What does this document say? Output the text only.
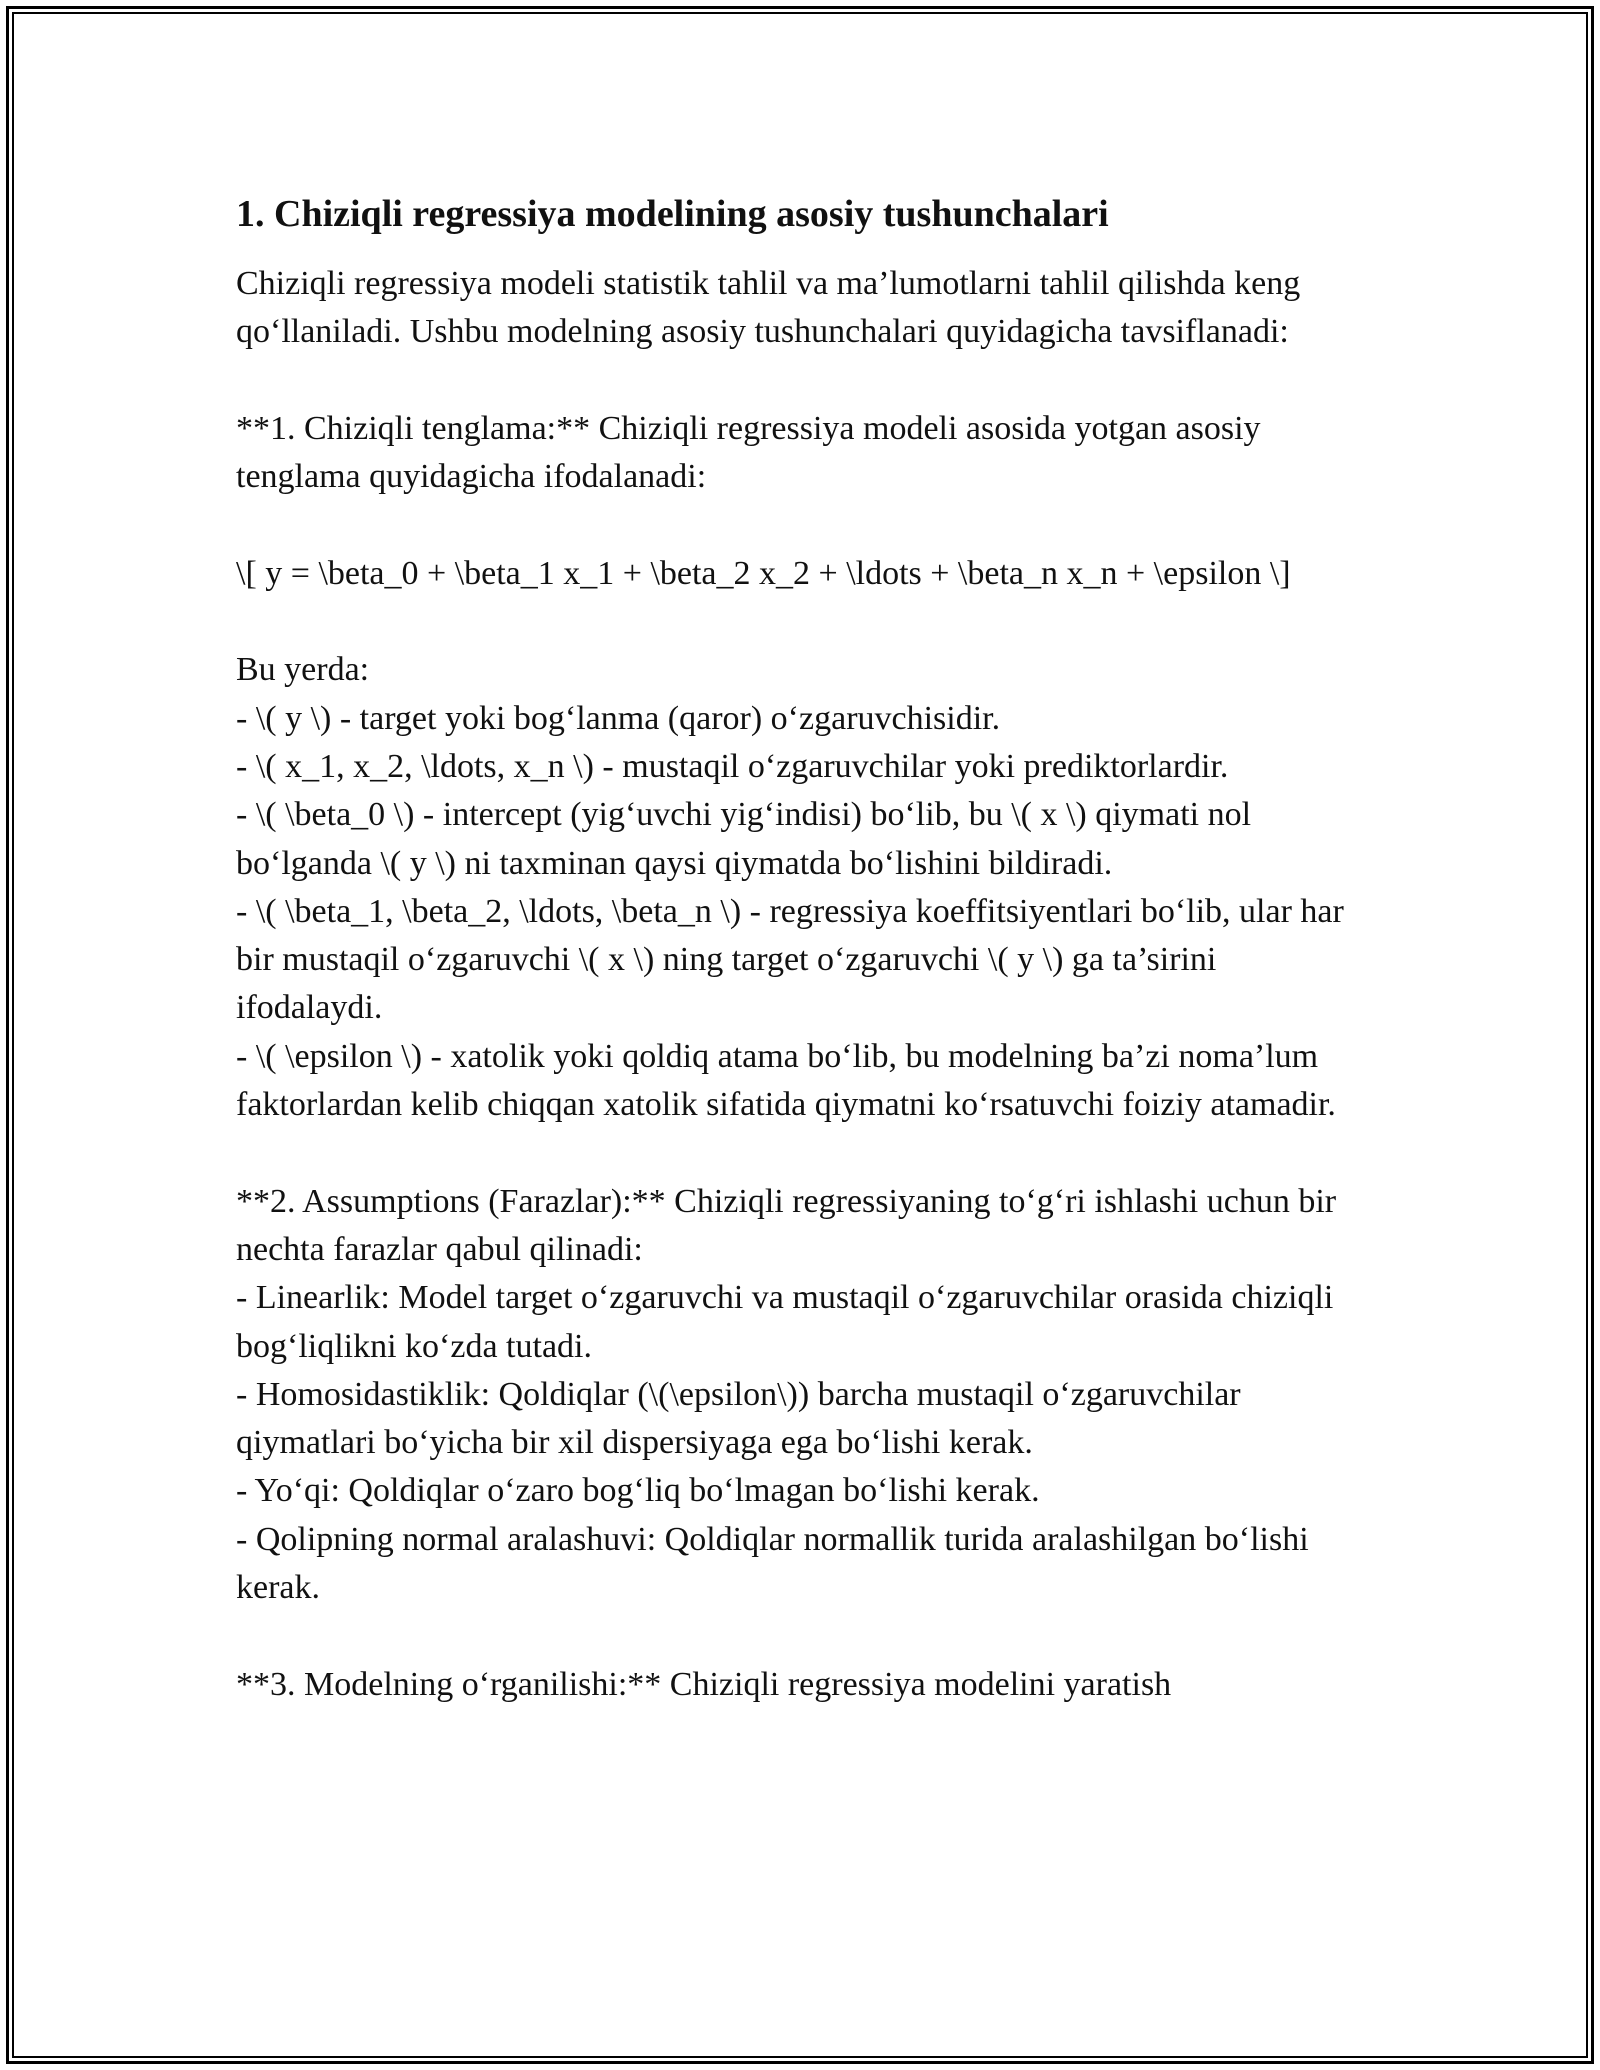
1. Chiziqli regressiya modelining asosiy tushunchalari

Chiziqli regressiya modeli statistik tahlil va ma’lumotlarni tahlil qilishda keng qo‘llaniladi. Ushbu modelning asosiy tushunchalari quyidagicha tavsiflanadi:

**1. Chiziqli tenglama:** Chiziqli regressiya modeli asosida yotgan asosiy tenglama quyidagicha ifodalanadi:

\[ y = \beta_0 + \beta_1 x_1 + \beta_2 x_2 + \ldots + \beta_n x_n + \epsilon \]

Bu yerda:

- \( y \) - target yoki bog‘lanma (qaror) o‘zgaruvchisidir.

- \( x_1, x_2, \ldots, x_n \) - mustaqil o‘zgaruvchilar yoki prediktorlardir.

- \( \beta_0 \) - intercept (yig‘uvchi yig‘indisi) bo‘lib, bu \( x \) qiymati nol bo‘lganda \( y \) ni taxminan qaysi qiymatda bo‘lishini bildiradi.

- \( \beta_1, \beta_2, \ldots, \beta_n \) - regressiya koeffitsiyentlari bo‘lib, ular har bir mustaqil o‘zgaruvchi \( x \) ning target o‘zgaruvchi \( y \) ga ta’sirini ifodalaydi.

- \( \epsilon \) - xatolik yoki qoldiq atama bo‘lib, bu modelning ba’zi noma’lum faktorlardan kelib chiqqan xatolik sifatida qiymatni ko‘rsatuvchi foiziy atamadir.

**2. Assumptions (Farazlar):** Chiziqli regressiyaning to‘g‘ri ishlashi uchun bir nechta farazlar qabul qilinadi:

- Linearlik: Model target o‘zgaruvchi va mustaqil o‘zgaruvchilar orasida chiziqli bog‘liqlikni ko‘zda tutadi.

- Homosidastiklik: Qoldiqlar (\(\epsilon\)) barcha mustaqil o‘zgaruvchilar qiymatlari bo‘yicha bir xil dispersiyaga ega bo‘lishi kerak.

- Yo‘qi: Qoldiqlar o‘zaro bog‘liq bo‘lmagan bo‘lishi kerak.

- Qolipning normal aralashuvi: Qoldiqlar normallik turida aralashilgan bo‘lishi kerak.

**3. Modelning o‘rganilishi:** Chiziqli regressiya modelini yaratish
